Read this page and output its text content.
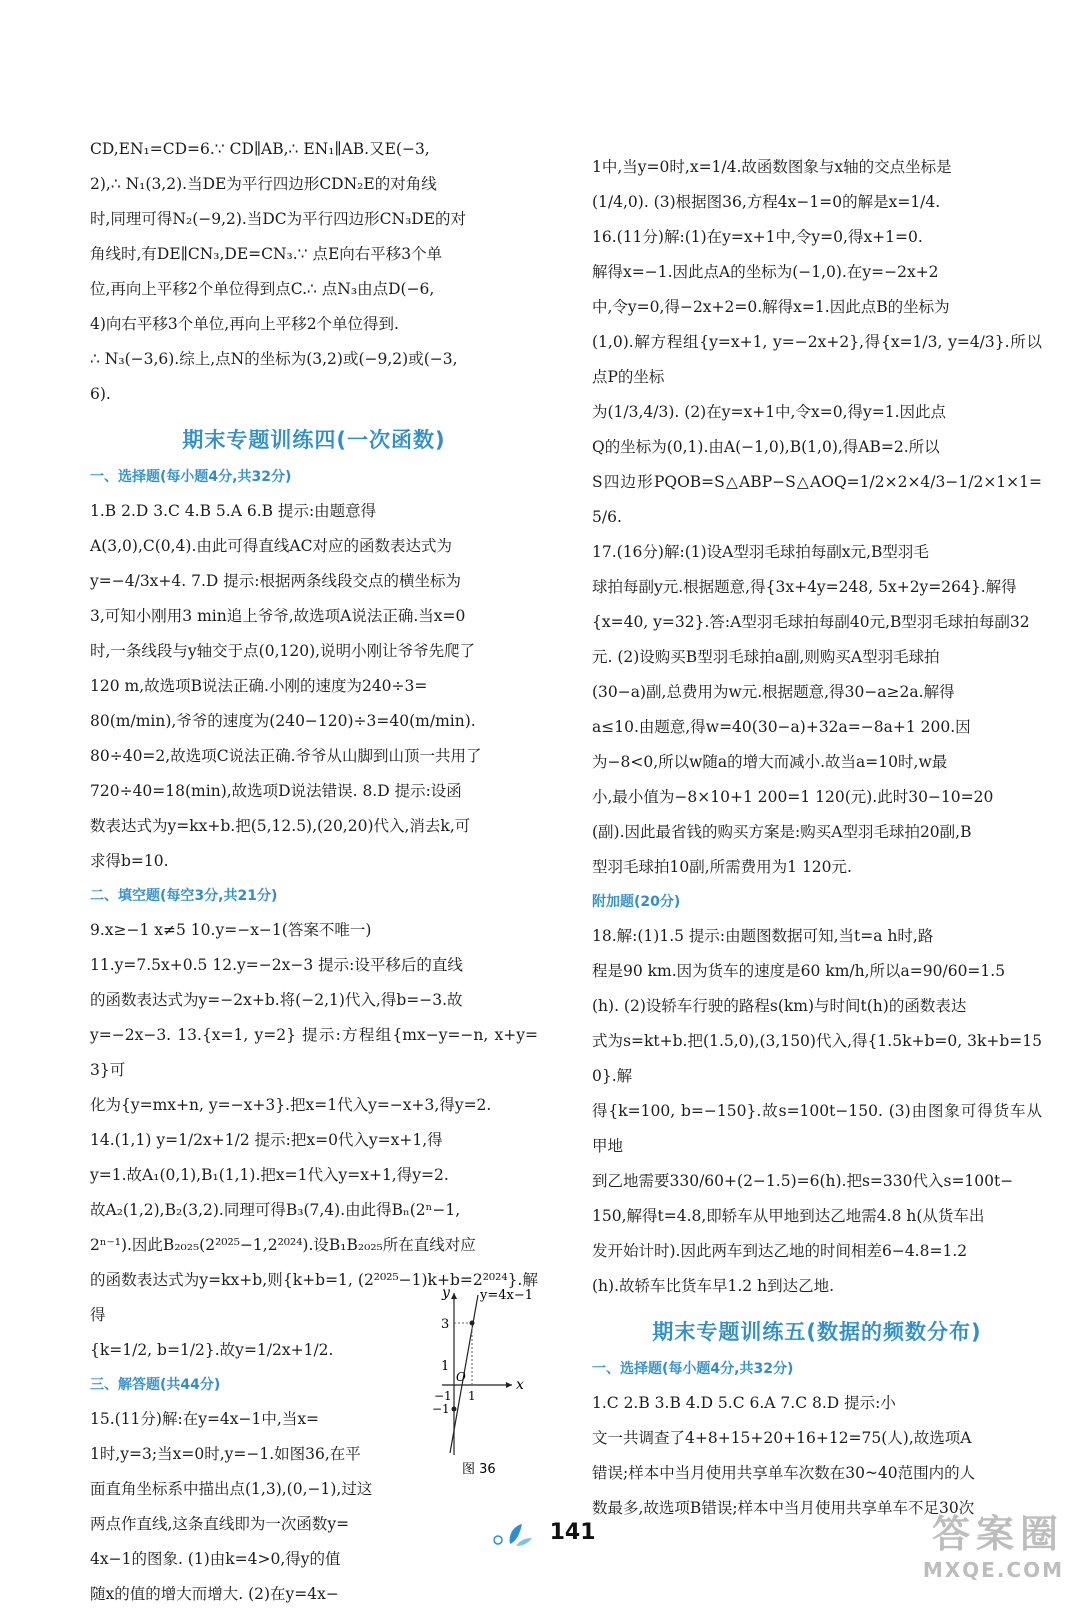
CD,EN₁=CD=6.∵ CD∥AB,∴ EN₁∥AB.又E(−3,

2),∴ N₁(3,2).当DE为平行四边形CDN₂E的对角线

时,同理可得N₂(−9,2).当DC为平行四边形CN₃DE的对

角线时,有DE∥CN₃,DE=CN₃.∵ 点E向右平移3个单

位,再向上平移2个单位得到点C.∴ 点N₃由点D(−6,

4)向右平移3个单位,再向上平移2个单位得到.

∴ N₃(−3,6).综上,点N的坐标为(3,2)或(−9,2)或(−3,

6).

期末专题训练四(一次函数)
一、选择题(每小题4分,共32分)

1.B 2.D 3.C 4.B 5.A 6.B 提示:由题意得

A(3,0),C(0,4).由此可得直线AC对应的函数表达式为

y=−4/3x+4. 7.D 提示:根据两条线段交点的横坐标为

3,可知小刚用3 min追上爷爷,故选项A说法正确.当x=0

时,一条线段与y轴交于点(0,120),说明小刚让爷爷先爬了

120 m,故选项B说法正确.小刚的速度为240÷3=

80(m/min),爷爷的速度为(240−120)÷3=40(m/min).

80÷40=2,故选项C说法正确.爷爷从山脚到山顶一共用了

720÷40=18(min),故选项D说法错误. 8.D 提示:设函

数表达式为y=kx+b.把(5,12.5),(20,20)代入,消去k,可

求得b=10.

二、填空题(每空3分,共21分)

9.x≥−1 x≠5 10.y=−x−1(答案不唯一)

11.y=7.5x+0.5 12.y=−2x−3 提示:设平移后的直线

的函数表达式为y=−2x+b.将(−2,1)代入,得b=−3.故

y=−2x−3. 13.{x=1, y=2} 提示:方程组{mx−y=−n, x+y=3}可

化为{y=mx+n, y=−x+3}.把x=1代入y=−x+3,得y=2.

14.(1,1) y=1/2x+1/2 提示:把x=0代入y=x+1,得

y=1.故A₁(0,1),B₁(1,1).把x=1代入y=x+1,得y=2.

故A₂(1,2),B₂(3,2).同理可得B₃(7,4).由此得Bₙ(2ⁿ−1,

2ⁿ⁻¹).因此B₂₀₂₅(2²⁰²⁵−1,2²⁰²⁴).设B₁B₂₀₂₅所在直线对应

的函数表达式为y=kx+b,则{k+b=1, (2²⁰²⁵−1)k+b=2²⁰²⁴}.解得

{k=1/2, b=1/2}.故y=1/2x+1/2.

三、解答题(共44分)

15.(11分)解:在y=4x−1中,当x=

1时,y=3;当x=0时,y=−1.如图36,在平

面直角坐标系中描出点(1,3),(0,−1),过这

两点作直线,这条直线即为一次函数y=

4x−1的图象. (1)由k=4>0,得y的值

随x的值的增大而增大. (2)在y=4x−

y y=4x−1
x
3
1
O
−1 1
−1
图 36

1中,当y=0时,x=1/4.故函数图象与x轴的交点坐标是

(1/4,0). (3)根据图36,方程4x−1=0的解是x=1/4.

16.(11分)解:(1)在y=x+1中,令y=0,得x+1=0.

解得x=−1.因此点A的坐标为(−1,0).在y=−2x+2

中,令y=0,得−2x+2=0.解得x=1.因此点B的坐标为

(1,0).解方程组{y=x+1, y=−2x+2},得{x=1/3, y=4/3}.所以点P的坐标

为(1/3,4/3). (2)在y=x+1中,令x=0,得y=1.因此点

Q的坐标为(0,1).由A(−1,0),B(1,0),得AB=2.所以

S四边形PQOB=S△ABP−S△AOQ=1/2×2×4/3−1/2×1×1=5/6.

17.(16分)解:(1)设A型羽毛球拍每副x元,B型羽毛

球拍每副y元.根据题意,得{3x+4y=248, 5x+2y=264}.解得

{x=40, y=32}.答:A型羽毛球拍每副40元,B型羽毛球拍每副32

元. (2)设购买B型羽毛球拍a副,则购买A型羽毛球拍

(30−a)副,总费用为w元.根据题意,得30−a≥2a.解得

a≤10.由题意,得w=40(30−a)+32a=−8a+1 200.因

为−8<0,所以w随a的增大而减小.故当a=10时,w最

小,最小值为−8×10+1 200=1 120(元).此时30−10=20

(副).因此最省钱的购买方案是:购买A型羽毛球拍20副,B

型羽毛球拍10副,所需费用为1 120元.

附加题(20分)

18.解:(1)1.5 提示:由题图数据可知,当t=a h时,路

程是90 km.因为货车的速度是60 km/h,所以a=90/60=1.5

(h). (2)设轿车行驶的路程s(km)与时间t(h)的函数表达

式为s=kt+b.把(1.5,0),(3,150)代入,得{1.5k+b=0, 3k+b=150}.解

得{k=100, b=−150}.故s=100t−150. (3)由图象可得货车从甲地

到乙地需要330/60+(2−1.5)=6(h).把s=330代入s=100t−

150,解得t=4.8,即轿车从甲地到达乙地需4.8 h(从货车出

发开始计时).因此两车到达乙地的时间相差6−4.8=1.2

(h).故轿车比货车早1.2 h到达乙地.

期末专题训练五(数据的频数分布)
一、选择题(每小题4分,共32分)

1.C 2.B 3.B 4.D 5.C 6.A 7.C 8.D 提示:小

文一共调查了4+8+15+20+16+12=75(人),故选项A

错误;样本中当月使用共享单车次数在30~40范围内的人

数最多,故选项B错误;样本中当月使用共享单车不足30次

141	答案圈
MXQE.COM
